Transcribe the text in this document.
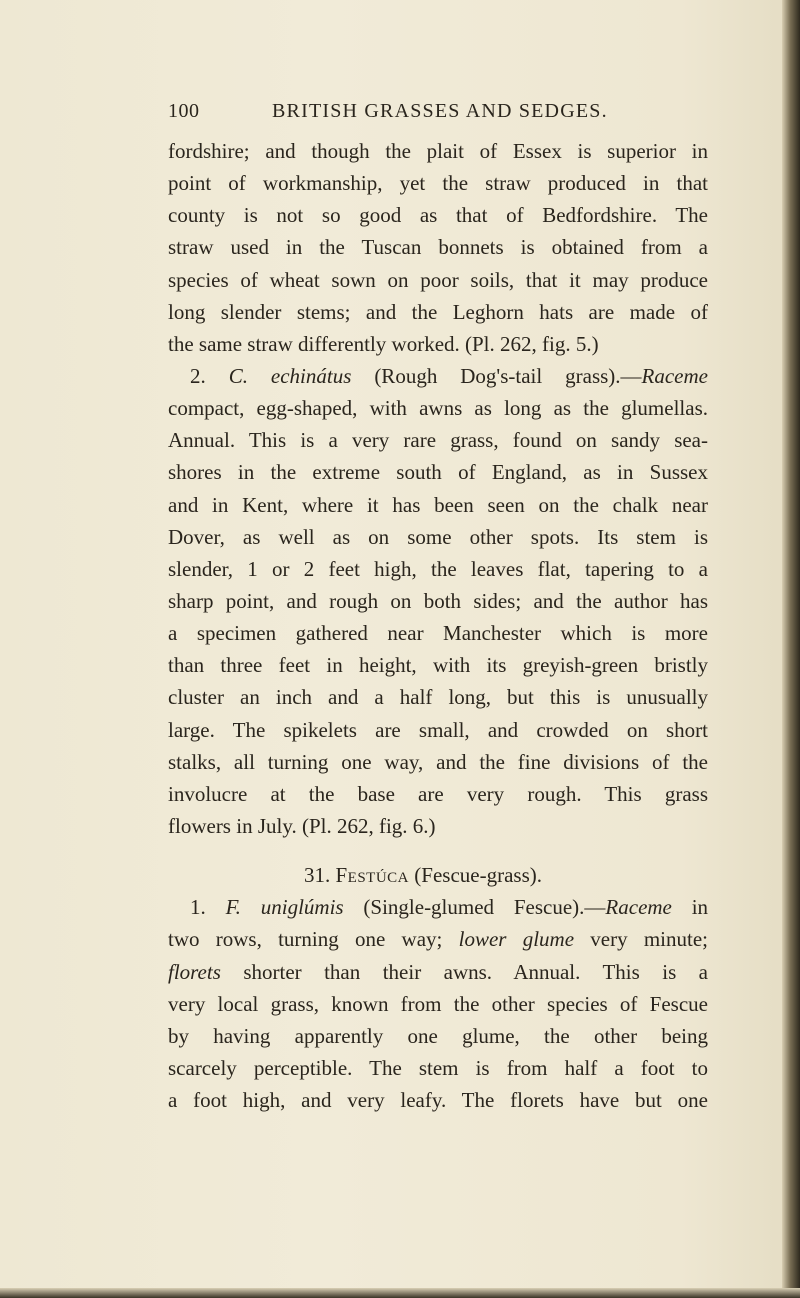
100	BRITISH GRASSES AND SEDGES.
fordshire; and though the plait of Essex is superior in
point of workmanship, yet the straw produced in that
county is not so good as that of Bedfordshire. The
straw used in the Tuscan bonnets is obtained from a
species of wheat sown on poor soils, that it may produce
long slender stems; and the Leghorn hats are made of
the same straw differently worked. (Pl. 262, fig. 5.)
2. C. echinátus (Rough Dog's-tail grass).—Raceme
compact, egg-shaped, with awns as long as the glumellas.
Annual. This is a very rare grass, found on sandy sea-
shores in the extreme south of England, as in Sussex
and in Kent, where it has been seen on the chalk near
Dover, as well as on some other spots. Its stem is
slender, 1 or 2 feet high, the leaves flat, tapering to a
sharp point, and rough on both sides; and the author has
a specimen gathered near Manchester which is more
than three feet in height, with its greyish-green bristly
cluster an inch and a half long, but this is unusually
large. The spikelets are small, and crowded on short
stalks, all turning one way, and the fine divisions of the
involucre at the base are very rough. This grass
flowers in July. (Pl. 262, fig. 6.)
31. Festúca (Fescue-grass).
1. F. uniglúmis (Single-glumed Fescue).—Raceme in
two rows, turning one way; lower glume very minute;
florets shorter than their awns. Annual. This is a
very local grass, known from the other species of Fescue
by having apparently one glume, the other being
scarcely perceptible. The stem is from half a foot to
a foot high, and very leafy. The florets have but one
